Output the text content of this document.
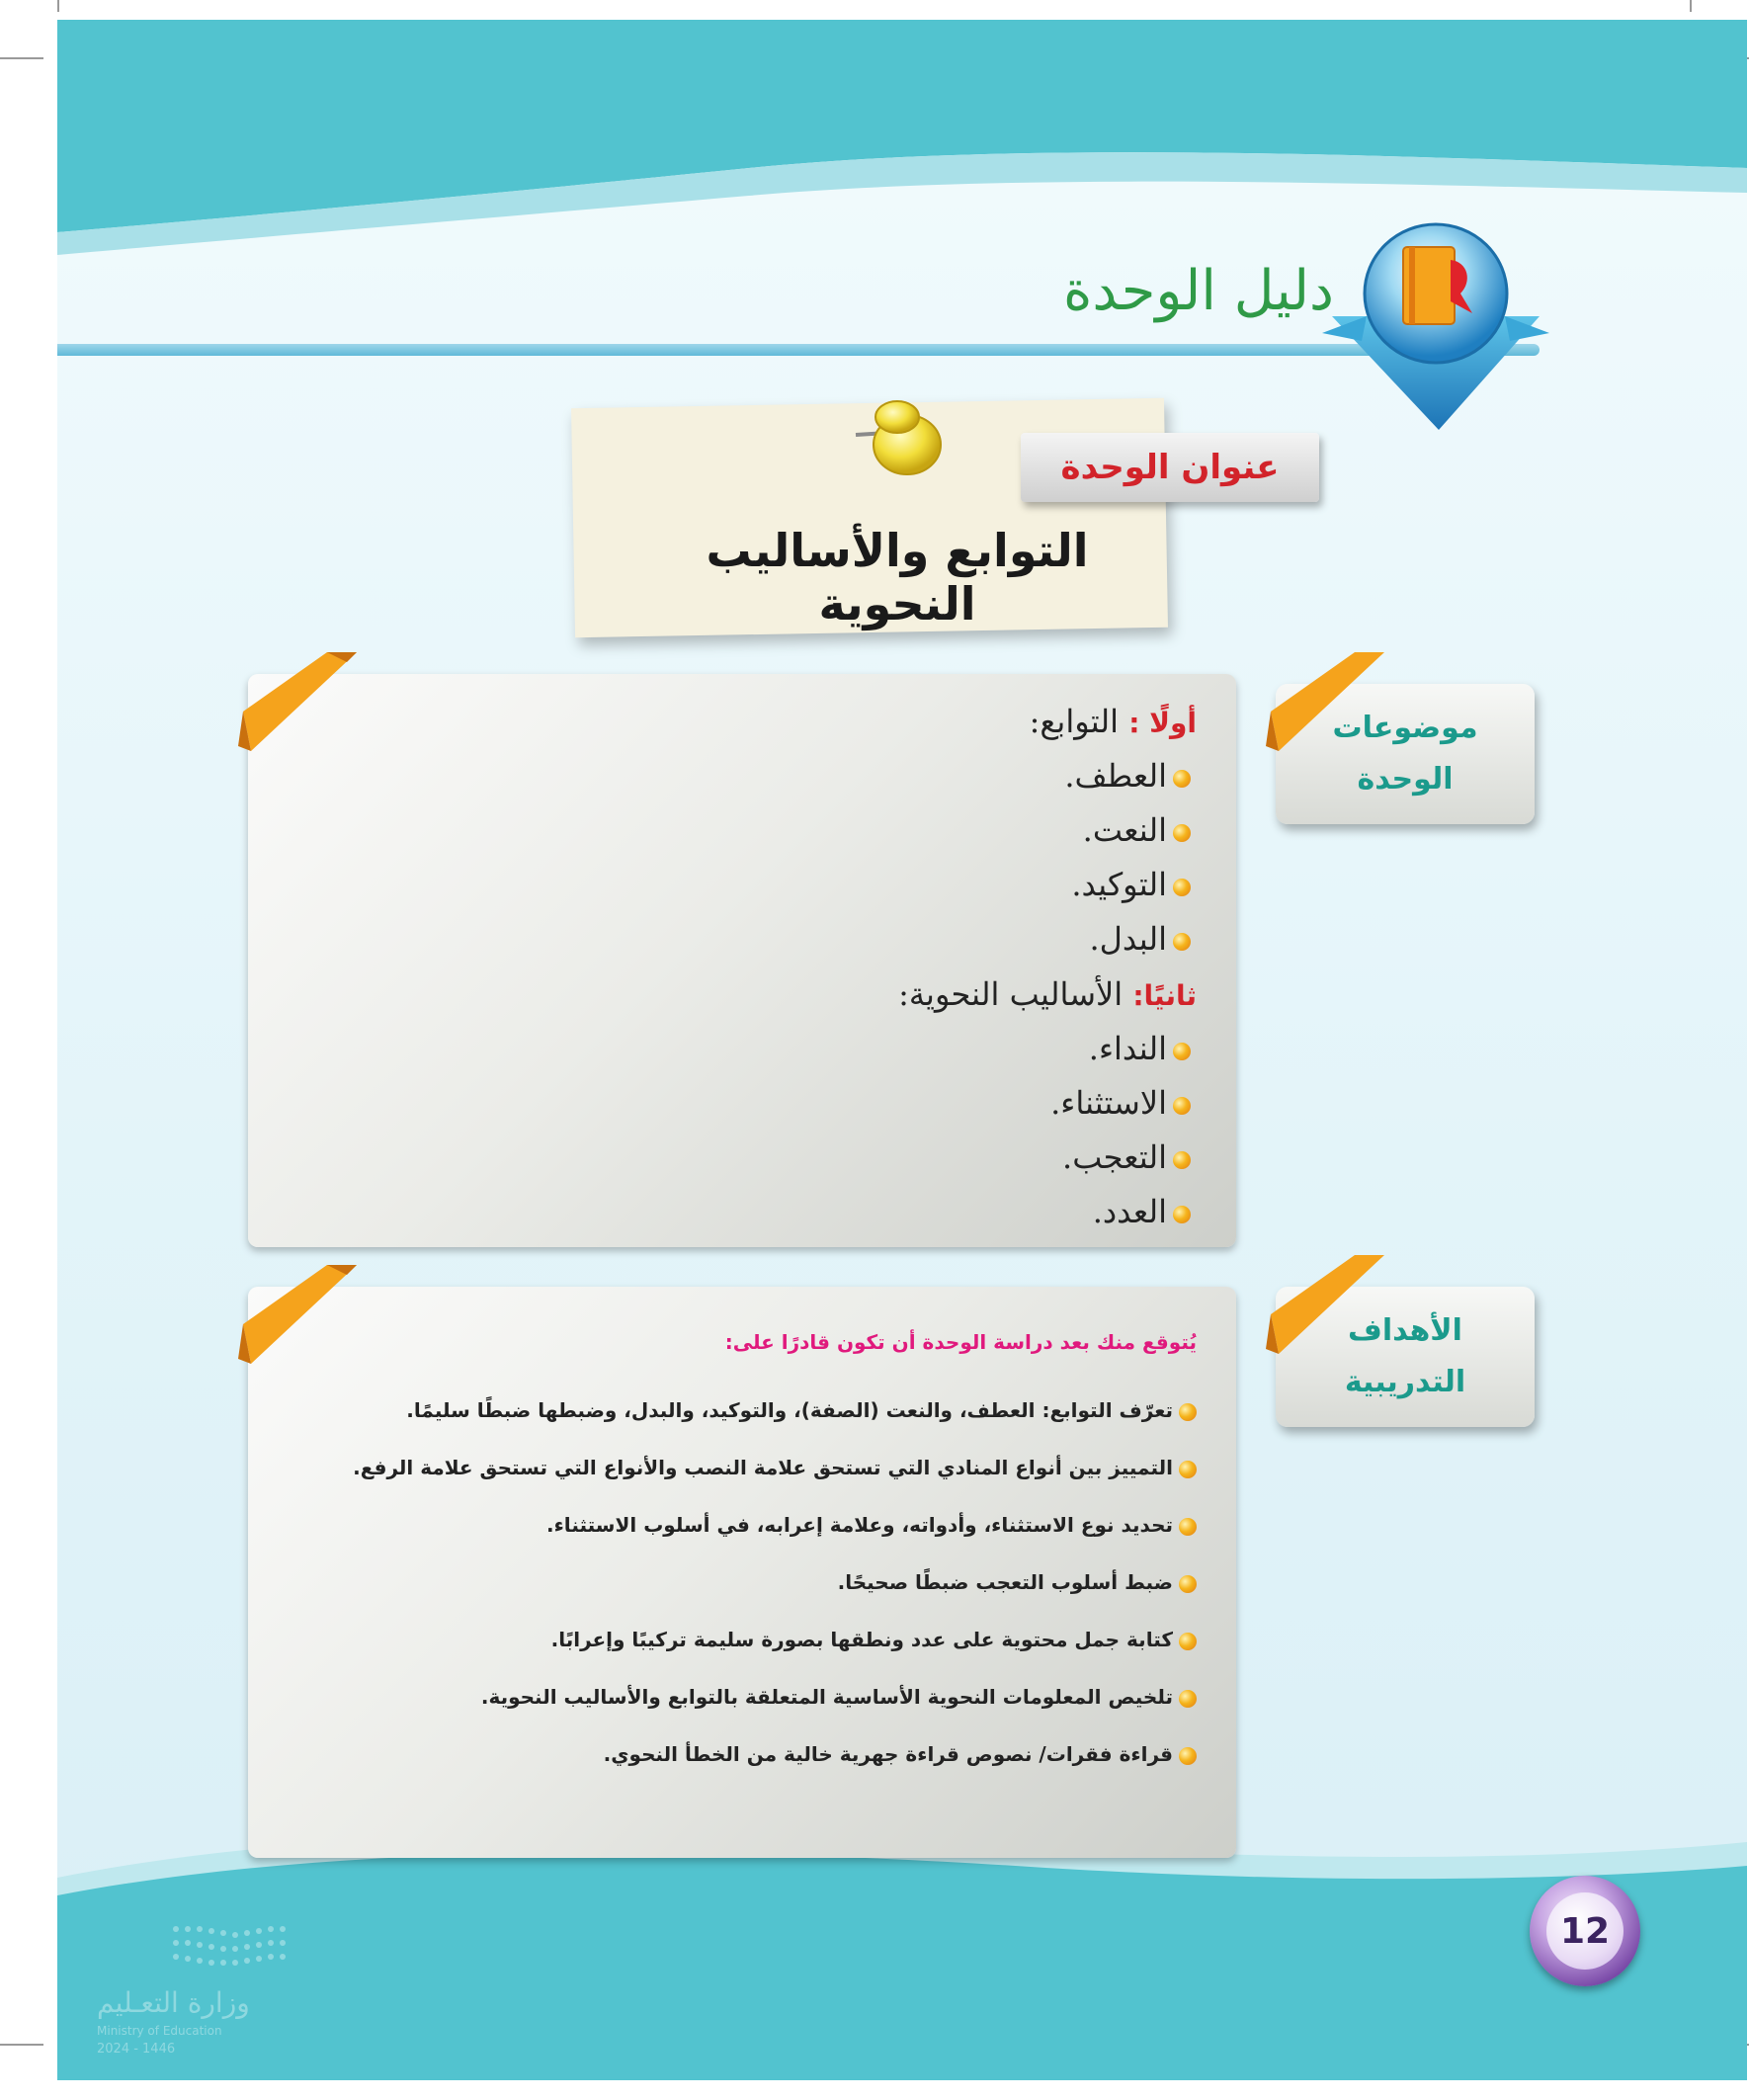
دليل الوحدة
عنوان الوحدة
التوابع والأساليب النحوية
أولًا : التوابع:
العطف.
النعت.
التوكيد.
البدل.
ثانيًا: الأساليب النحوية:
النداء.
الاستثناء.
التعجب.
العدد.
موضوعات
الوحدة
يُتوقع منك بعد دراسة الوحدة أن تكون قادرًا على:
تعرّف التوابع: العطف، والنعت (الصفة)، والتوكيد، والبدل، وضبطها ضبطًا سليمًا.
التمييز بين أنواع المنادي التي تستحق علامة النصب والأنواع التي تستحق علامة الرفع.
تحديد نوع الاستثناء، وأدواته، وعلامة إعرابه، في أسلوب الاستثناء.
ضبط أسلوب التعجب ضبطًا صحيحًا.
كتابة جمل محتوية على عدد ونطقها بصورة سليمة تركيبًا وإعرابًا.
تلخيص المعلومات النحوية الأساسية المتعلقة بالتوابع والأساليب النحوية.
قراءة فقرات/ نصوص قراءة جهرية خالية من الخطأ النحوي.
الأهداف
التدريبية
12
وزارة التعـليم
Ministry of Education
2024 - 1446
